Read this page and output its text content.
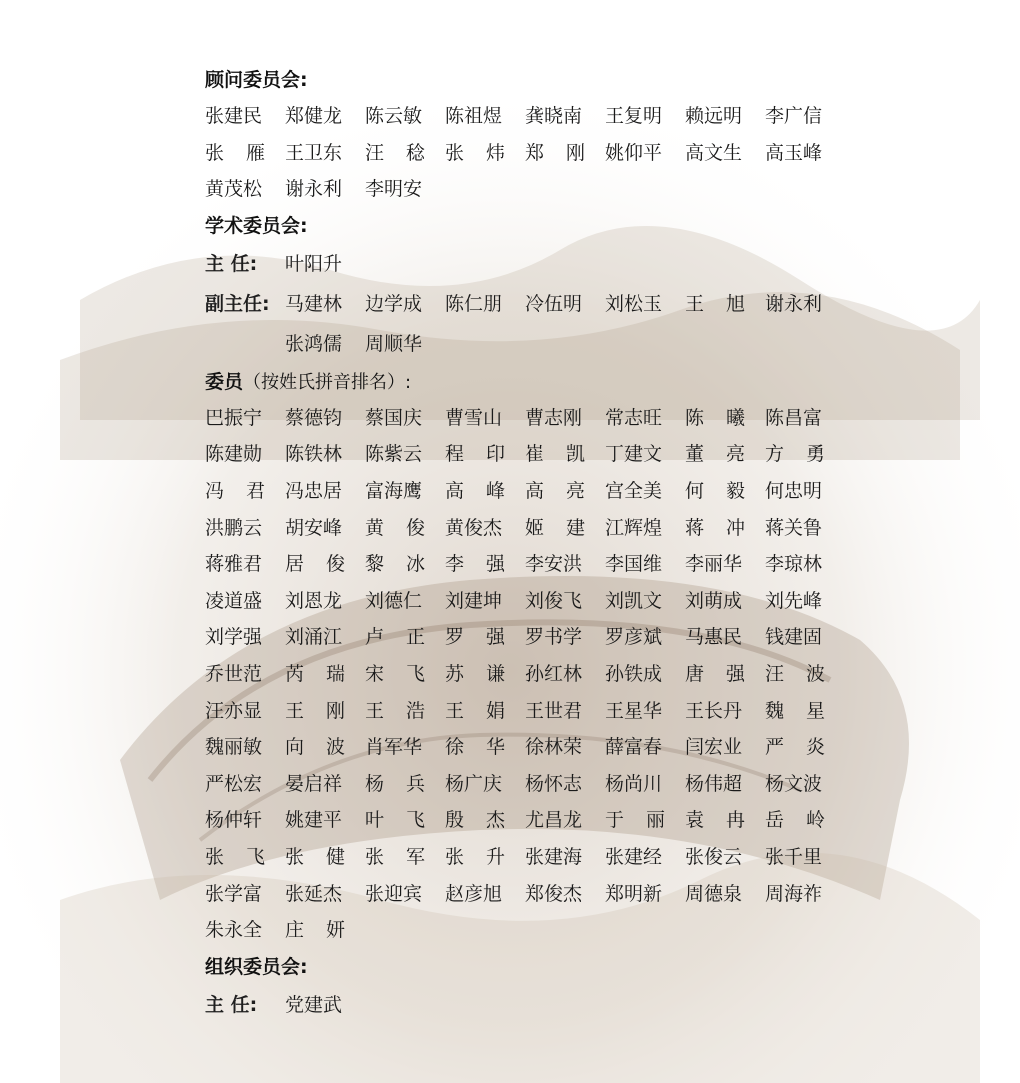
顾问委员会:
张建民 郑健龙 陈云敏 陈祖煜 龚晓南 王复明 赖远明 李广信
张 雁 王卫东 汪 稔 张 炜 郑 刚 姚仰平 高文生 高玉峰
黄茂松 谢永利 李明安
学术委员会:
主 任:	叶阳升
副主任: 马建林 边学成 陈仁朋 冷伍明 刘松玉 王 旭 谢永利
张鸿儒 周顺华
委员（按姓氏拼音排名）:
巴振宁 蔡德钧 蔡国庆 曹雪山 曹志刚 常志旺 陈 曦 陈昌富
陈建勋 陈铁林 陈紫云 程 印 崔 凯 丁建文 董 亮 方 勇
冯 君 冯忠居 富海鹰 高 峰 高 亮 宫全美 何 毅 何忠明
洪鹏云 胡安峰 黄 俊 黄俊杰 姬 建 江辉煌 蒋 冲 蒋关鲁
蒋雅君 居 俊 黎 冰 李 强 李安洪 李国维 李丽华 李琼林
凌道盛 刘恩龙 刘德仁 刘建坤 刘俊飞 刘凯文 刘萌成 刘先峰
刘学强 刘涌江 卢 正 罗 强 罗书学 罗彦斌 马惠民 钱建固
乔世范 芮 瑞 宋 飞 苏 谦 孙红林 孙铁成 唐 强 汪 波
汪亦显 王 刚 王 浩 王 娟 王世君 王星华 王长丹 魏 星
魏丽敏 向 波 肖军华 徐 华 徐林荣 薛富春 闫宏业 严 炎
严松宏 晏启祥 杨 兵 杨广庆 杨怀志 杨尚川 杨伟超 杨文波
杨仲轩 姚建平 叶 飞 殷 杰 尤昌龙 于 丽 袁 冉 岳 岭
张 飞 张 健 张 军 张 升 张建海 张建经 张俊云 张千里
张学富 张延杰 张迎宾 赵彦旭 郑俊杰 郑明新 周德泉 周海祚
朱永全 庄 妍
组织委员会:
主 任:	党建武
